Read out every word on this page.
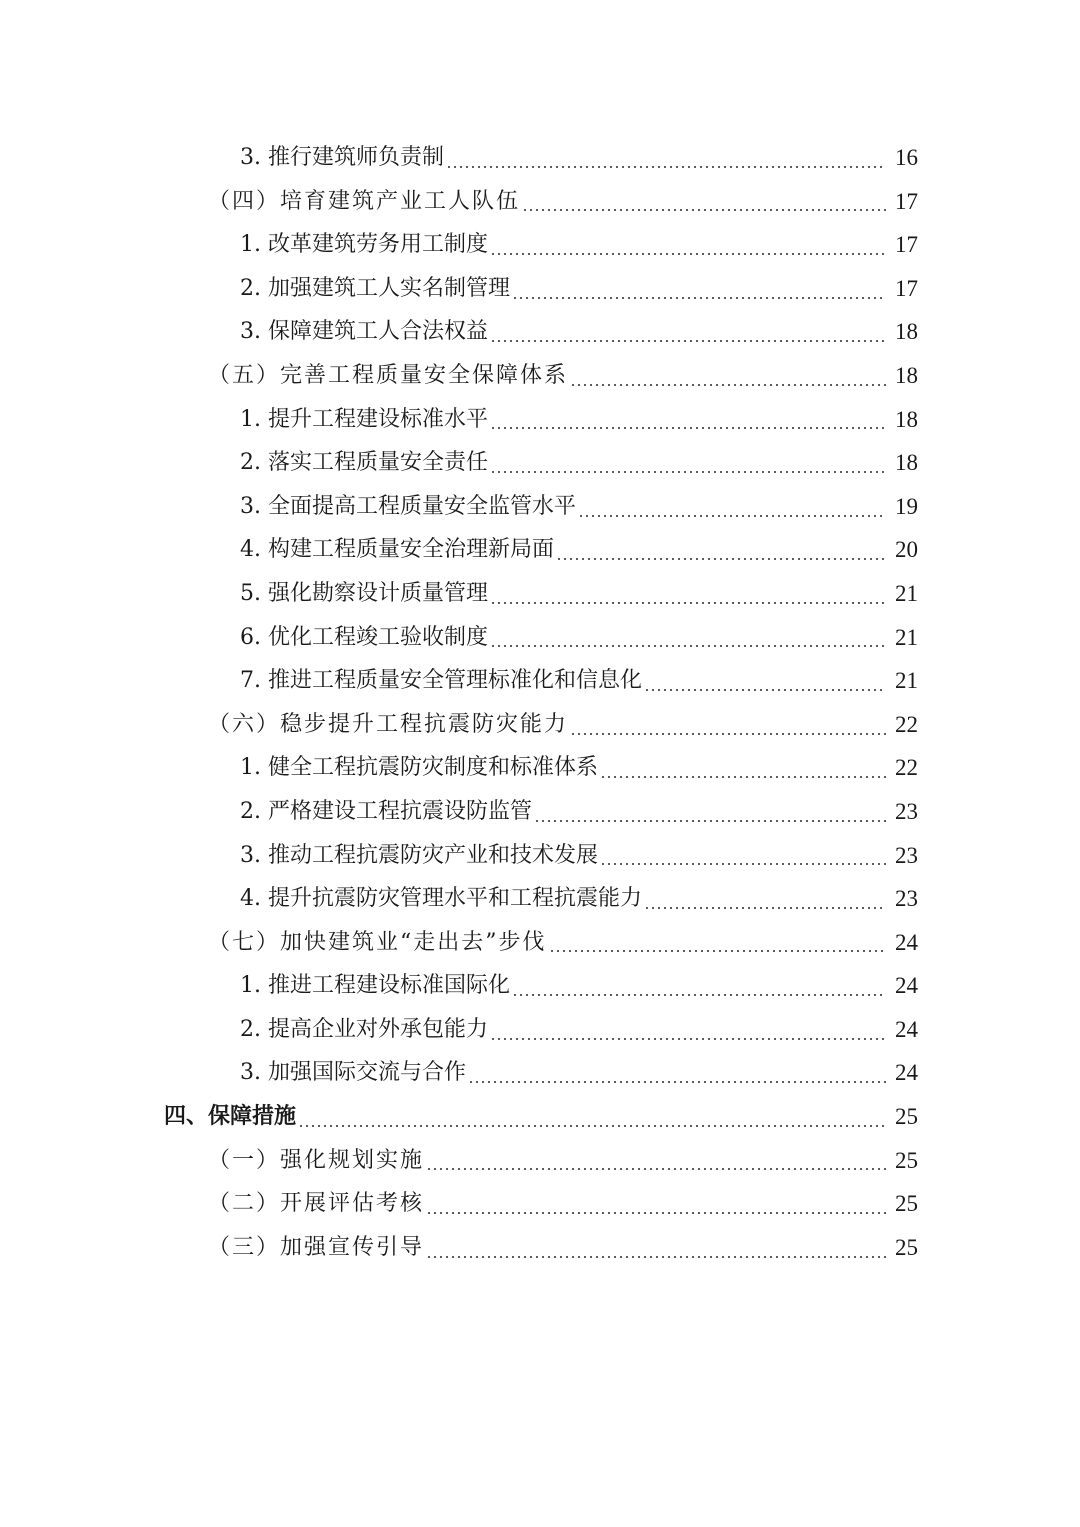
3. 推行建筑师负责制	16
（四）培育建筑产业工人队伍	17
1. 改革建筑劳务用工制度	17
2. 加强建筑工人实名制管理	17
3. 保障建筑工人合法权益	18
（五）完善工程质量安全保障体系	18
1. 提升工程建设标准水平	18
2. 落实工程质量安全责任	18
3. 全面提高工程质量安全监管水平	19
4. 构建工程质量安全治理新局面	20
5. 强化勘察设计质量管理	21
6. 优化工程竣工验收制度	21
7. 推进工程质量安全管理标准化和信息化	21
（六）稳步提升工程抗震防灾能力	22
1. 健全工程抗震防灾制度和标准体系	22
2. 严格建设工程抗震设防监管	23
3. 推动工程抗震防灾产业和技术发展	23
4. 提升抗震防灾管理水平和工程抗震能力	23
（七）加快建筑业“走出去”步伐	24
1. 推进工程建设标准国际化	24
2. 提高企业对外承包能力	24
3. 加强国际交流与合作	24
四、保障措施	25
（一）强化规划实施	25
（二）开展评估考核	25
（三）加强宣传引导	25
